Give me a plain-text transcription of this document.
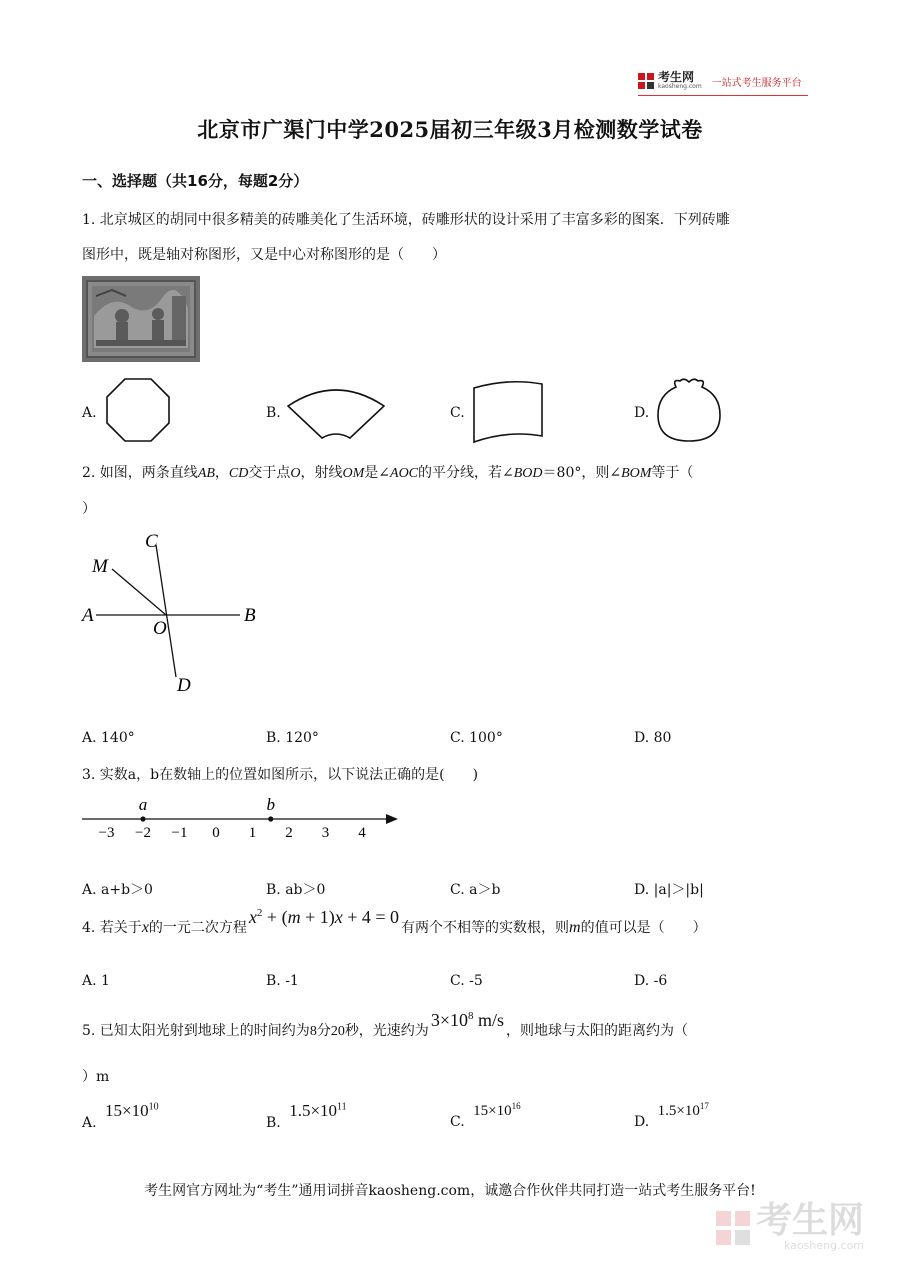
考生网
kaosheng.com 一站式考生服务平台
北京市广渠门中学2025届初三年级3月检测数学试卷
一、选择题（共16分，每题2分）
1. 北京城区的胡同中很多精美的砖雕美化了生活环境，砖雕形状的设计采用了丰富多彩的图案．下列砖雕
图形中，既是轴对称图形，又是中心对称图形的是（　　）
A.	B.	C.	D.
2. 如图，两条直线AB，CD交于点O，射线OM是∠AOC的平分线，若∠BOD＝80°，则∠BOM等于（
）
C
M
A
O
B
D
A. 140°	B. 120°	C. 100°	D. 80
3. 实数a，b在数轴上的位置如图所示，以下说法正确的是(　　)
−3 −2 −1 0 1 2 3 4
a	b
A. a+b＞0	B. ab＞0	C. a＞b	D. |a|＞|b|
4. 若关于 x 的一元二次方程
$x^2 + (m + 1)x + 4 = 0$
有两个不相等的实数根，则 m 的值可以是（　　）
A. 1	B. -1	C. -5	D. -6
5. 已知太阳光射到地球上的时间约为 8 分 20 秒，光速约为
$3\times 10^8$ m/s
，则地球与太阳的距离约为（
）m
A. $15\times 10^{10}$
B. $1.5\times 10^{11}$
C. $15\times 10^{16}$
D. $1.5\times 10^{17}$
考生网官方网址为“考生”通用词拼音kaosheng.com，诚邀合作伙伴共同打造一站式考生服务平台!
考生网
kaosheng.com
